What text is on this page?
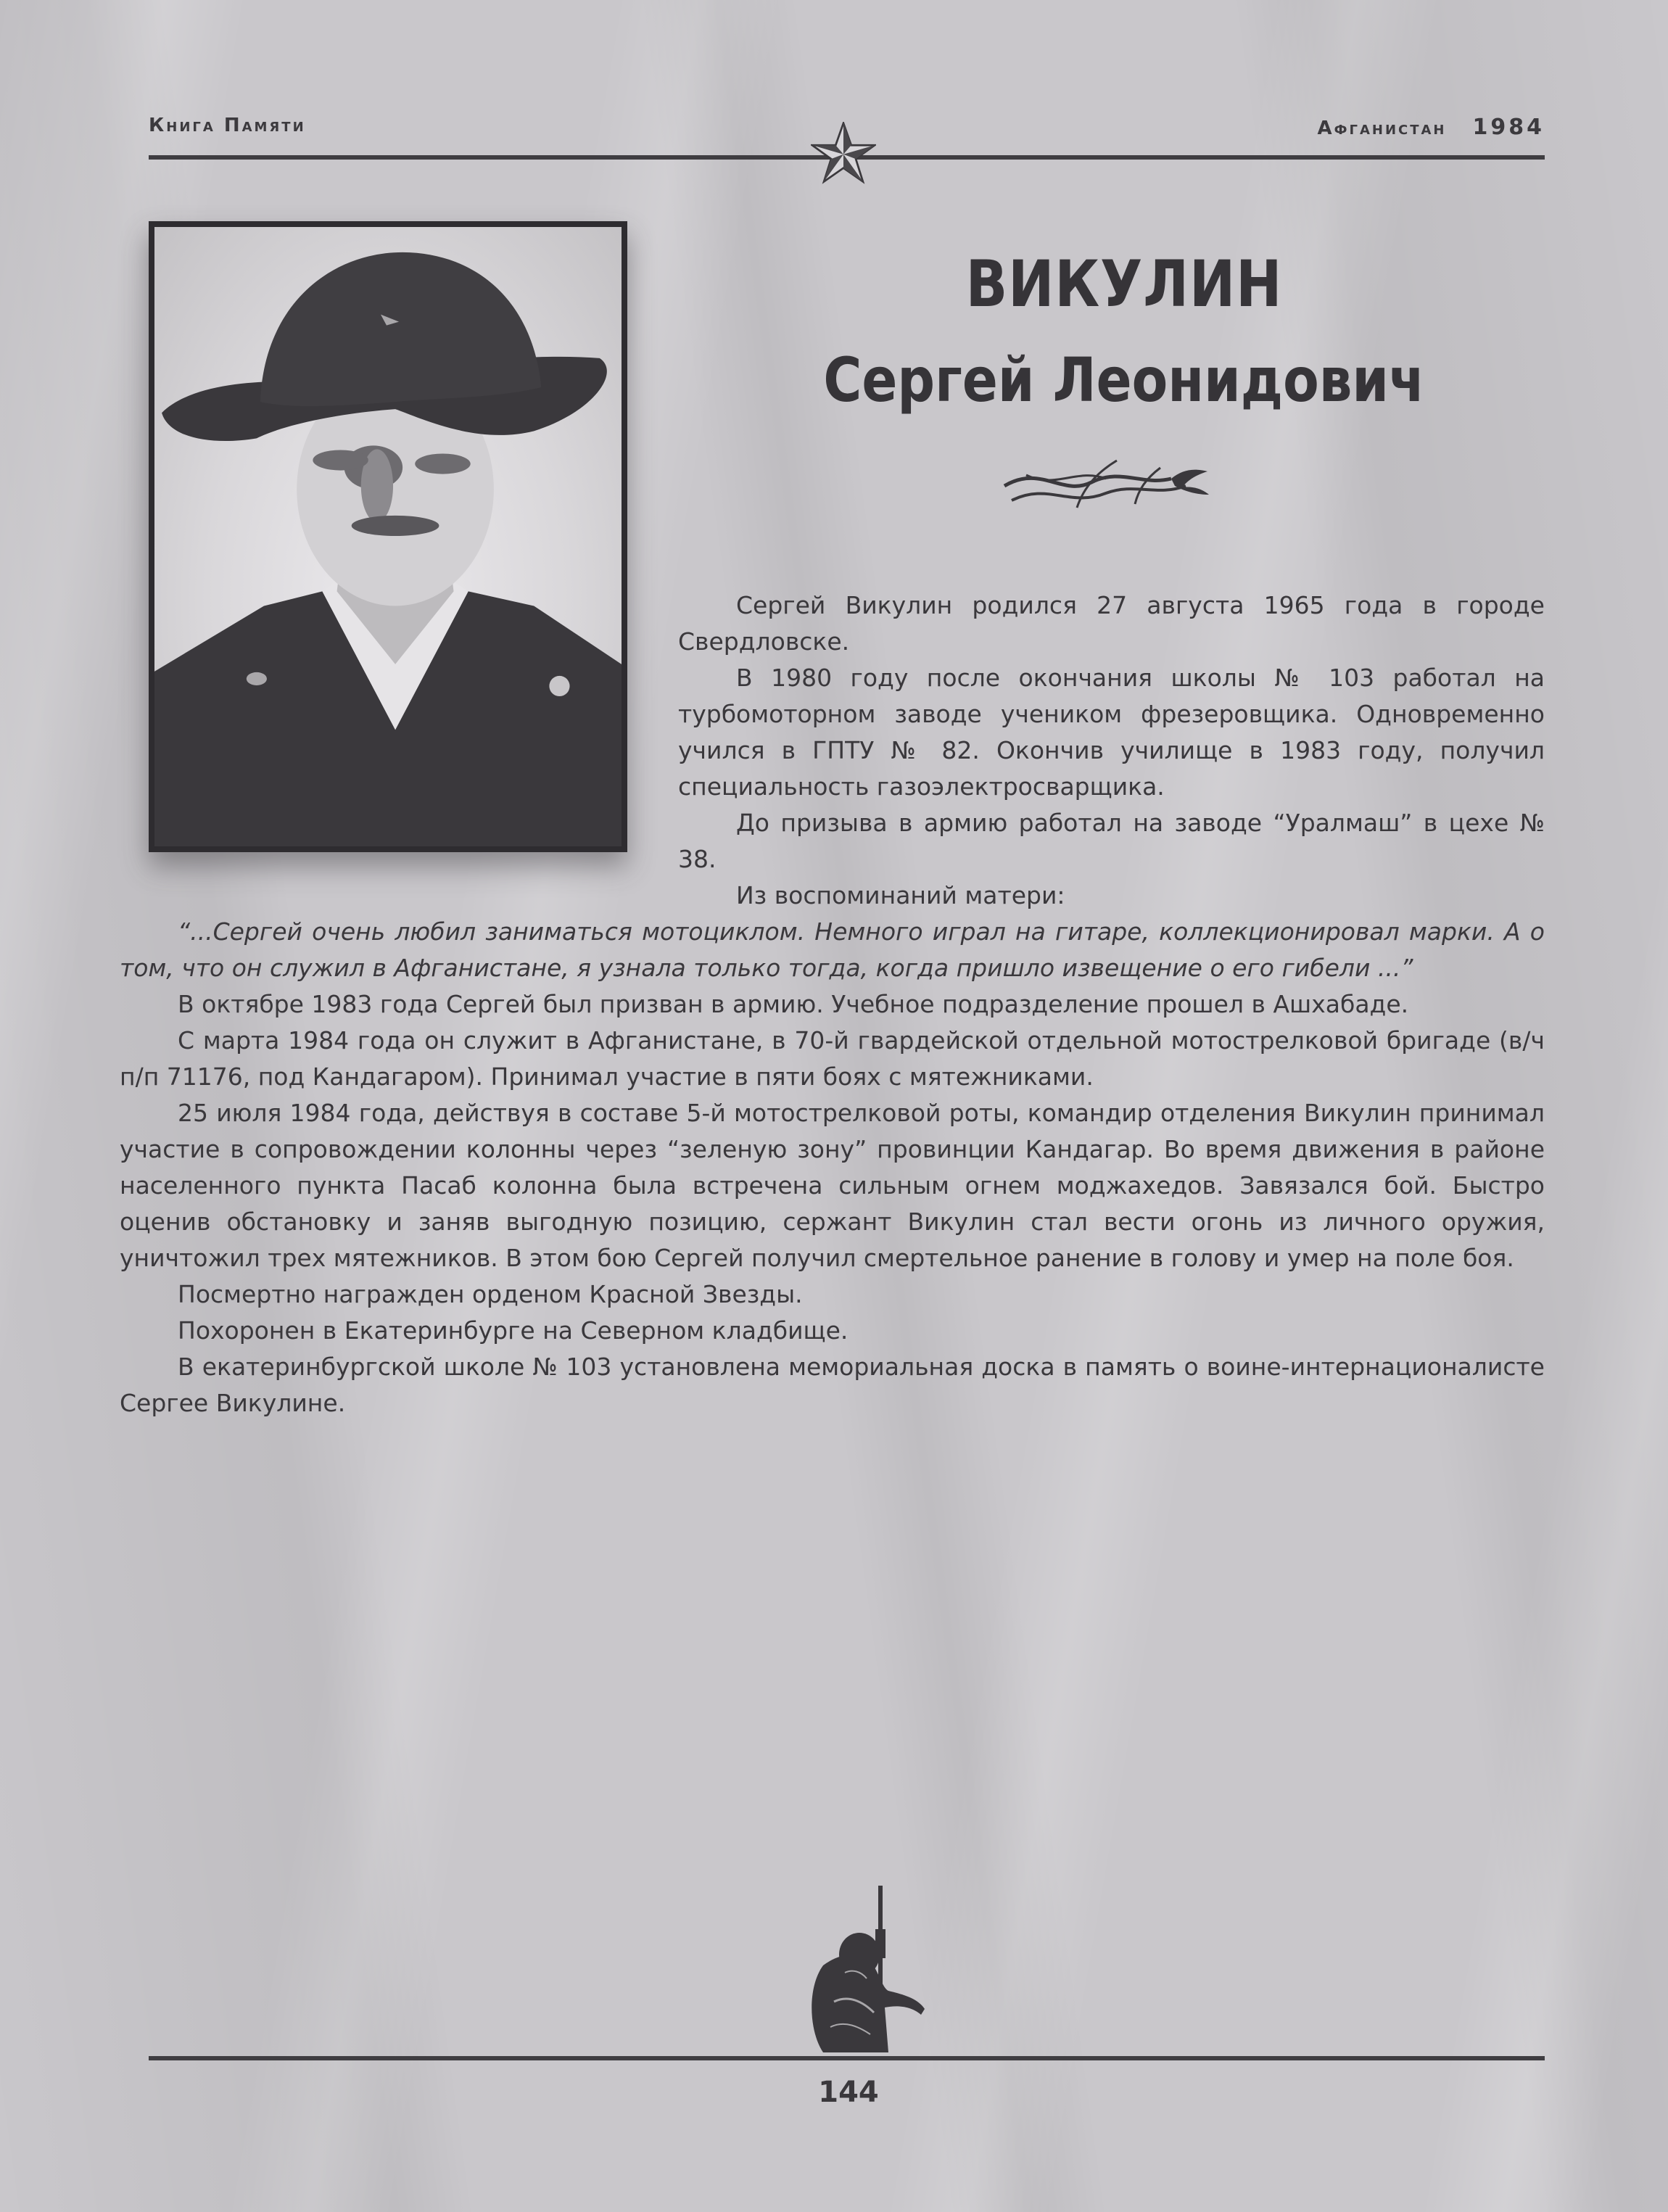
Книга Памяти	Афганистан 1984
ВИКУЛИН
Сергей Леонидович

Сергей Викулин родился 27 августа 1965 года в городе Свердловске.

В 1980 году после окончания школы № 103 работал на турбомоторном заводе учеником фрезеровщика. Одновременно учился в ГПТУ № 82. Окончив училище в 1983 году, получил специальность газоэлектросварщика.

До призыва в армию работал на заводе “Уралмаш” в цехе № 38.

Из воспоминаний матери:

“...Сергей очень любил заниматься мотоциклом. Немного играл на гитаре, коллекционировал марки. А о том, что он служил в Афганистане, я узнала только тогда, когда пришло извещение о его гибели ...”

В октябре 1983 года Сергей был призван в армию. Учебное подразделение прошел в Ашхабаде.

С марта 1984 года он служит в Афганистане, в 70-й гвардейской отдельной мотострелковой бригаде (в/ч п/п 71176, под Кандагаром). Принимал участие в пяти боях с мятежниками.

25 июля 1984 года, действуя в составе 5-й мотострелковой роты, командир отделения Викулин принимал участие в сопровождении колонны через “зеленую зону” провинции Кандагар. Во время движения в районе населенного пункта Пасаб колонна была встречена сильным огнем моджахедов. Завязался бой. Быстро оценив обстановку и заняв выгодную позицию, сержант Викулин стал вести огонь из личного оружия, уничтожил трех мятежников. В этом бою Сергей получил смертельное ранение в голову и умер на поле боя.

Посмертно награжден орденом Красной Звезды.

Похоронен в Екатеринбурге на Северном кладбище.

В екатеринбургской школе № 103 установлена мемориальная доска в память о воине-интернационалисте Сергее Викулине.

144
